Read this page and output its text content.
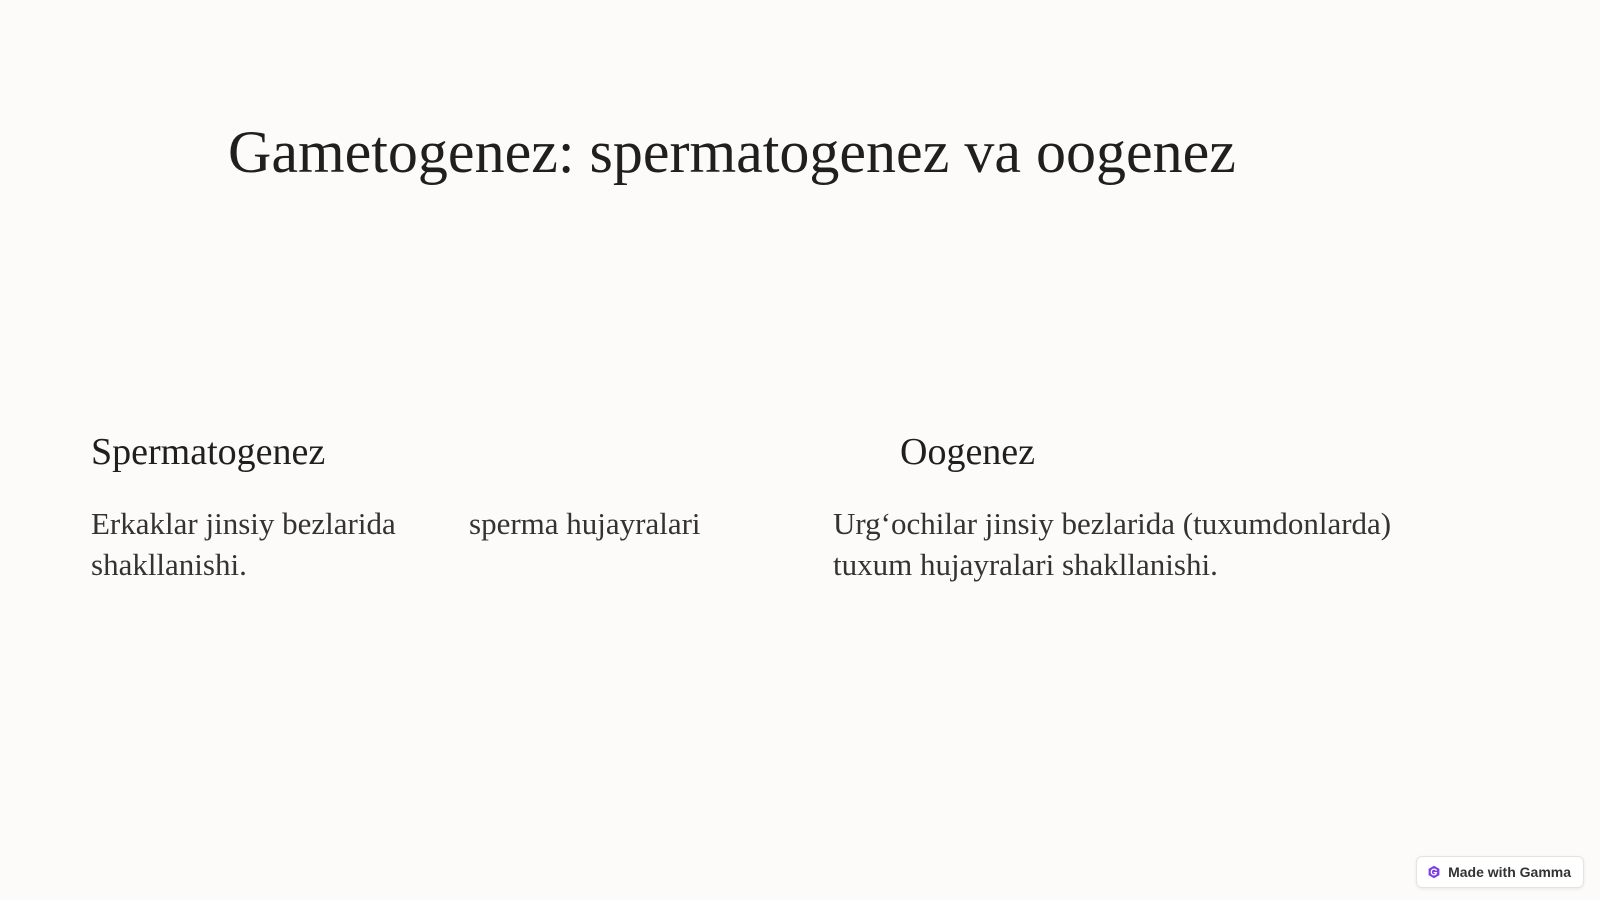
Gametogenez: spermatogenez va oogenez
Spermatogenez

Erkaklar jinsiy bezlarida sperma hujayralari

shakllanishi.

Oogenez

Urg‘ochilar jinsiy bezlarida (tuxumdonlarda) tuxum hujayralari shakllanishi.

Made with Gamma
